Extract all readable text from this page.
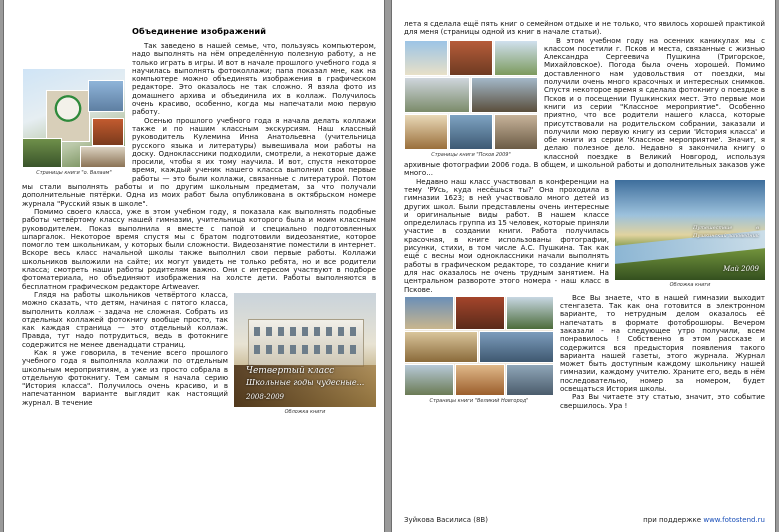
Объединение изображений
Страницы книги "о. Валаам"

Так заведено в нашей семье, что, пользуясь компьютером, надо выполнять на нём определённую полезную работу, а не только играть в игры. И вот в начале прошлого учебного года я научилась выполнять фотоколлажи; папа показал мне, как на компьютере можно объединять изображения в графическом редакторе. Это оказалось не так сложно. Я взяла фото из домашнего архива и объединила их в коллаж. Получилось очень красиво, особенно, когда мы напечатали мою первую работу.

Осенью прошлого учебного года я начала делать коллажи также и по нашим классным экскурсиям. Наш классный руководитель Кулемина Инна Анатольевна (учительница русского языка и литературы) вывешивала мои работы на доску. Одноклассники подходили, смотрели, а некоторые даже просили, чтобы я их тому научила. И вот, спустя некоторое время, каждый ученик нашего класса выполнил свои первые работы — это были коллажи, связанные с литературой. Потом мы стали выполнять работы и по другим школьным предметам, за что получали дополнительные пятёрки. Одна из моих работ была опубликована в октябрьском номере журнала "Русский язык в школе".

Помимо своего класса, уже в этом учебном году, я показала как выполнять подобные работы четвёртому классу нашей гимназии, учительница которого была и моим классным руководителем. Показ выполнила я вместе с папой и специально подготовленных шпаргалок. Некоторое время спустя мы с братом подготовили видеозанятие, которое помогло тем школьникам, у которых были сложности. Видеозанятие поместили в интернет. Вскоре весь класс начальной школы также выполнил свои первые работы. Коллажи школьников выложили на сайте; их могут увидеть не только ребята, но и все родители класса; смотреть наши работы родителям важно. Они с интересом участвуют в подборе фотоматериала, но объединяют изображения на холсте дети. Работы выполняются в бесплатном графическом редакторе Artweaver.

Четвертый класс
Школьные годы чудесные...
2008-2009
Обложка книги

Глядя на работы школьников четвёртого класса, можно сказать, что детям, начиная с пятого класса, выполнить коллаж - задача не сложная. Собрать из отдельных коллажей фотокнигу вообще просто, так как каждая страница — это отдельный коллаж. Правда, тут надо потрудиться, ведь в фотокниге содержится не менее двенадцати страниц.

Как я уже говорила, в течение всего прошлого учебного года я выполняла коллажи по отдельным школьным мероприятиям, а уже из просто собрала в отдельную фотокнигу. Тем самым я начала серию "История класса". Получилось очень красиво, и в напечатанном варианте выглядит как настоящий журнал. В течение

лета я сделала ещё пять книг о семейном отдыхе и не только, что явилось хорошей практикой для меня (страницы одной из книг в начале статьи).

Страницы книги "Псков 2009"

В этом учебном году на осенних каникулах мы с классом посетили г. Псков и места, связанные с жизнью Александра Сергеевича Пушкина (Тригорское, Михайловское). Погода была очень хорошей. Помимо доставленного нам удовольствия от поездки, мы получили очень много красочных и интересных снимков. Спустя некоторое время я сделала фотокнигу о поездке в Псков и о посещении Пушкинских мест. Это первые мои книги из серии "Классное мероприятие". Особенно приятно, что все родители нашего класса, которые присутствовали на родительском собрании, заказали и получили мою первую книгу из серии 'История класса' и обе книги из серии 'Классное мероприятие'. Значит, я делаю полезное дело. Недавно я закончила книгу о классной поездке в Великий Новгород, используя архивные фотографии 2006 года. В общем, и школьной работы и дополнительных заказов уже много...

Путешествие в Пушкинский заповедник
Май 2009
Обложка книги

Недавно наш класс участвовал в конференции на тему 'РУсь, куда несёшься ты?' Она проходила в гимназии 1623; в ней участвовало много детей из других школ. Были представлены очень интересные и оригинальные виды работ. В нашем классе определилась группа из 15 человек, которые приняли участие в создании книги. Работа получилась красочная, в книге использованы фотографии, рисунки, стихи, в том числе А.С. Пушкина. Так как ещё с весны мои одноклассники начали выполнять работы в графическом редакторе, то создание книги для нас оказалось не очень трудным занятием. На центральном развороте этого номера - наш класс в Пскове.

Страницы книги "Великий Новгород"

Все Вы знаете, что в нашей гимназии выходит стенгазета. Так как она готовится в электронном варианте, то нетрудным делом оказалось её напечатать в формате фотоброшюры. Вечером заказали - на следующее утро получили, всем понравилось ! Собственно в этом рассказе и содержится вся предыстория появления такого варианта нашей газеты, этого журнала. Журнал может быть доступным каждому школьнику нашей гимназии, каждому учителю. Храните его, ведь в нём последовательно, номер за номером, будет освещаться История школы.

Раз Вы читаете эту статью, значит, это событие свершилось. Ура !

Зуйкова Василиса (8В)	при поддержке www.fotostend.ru
